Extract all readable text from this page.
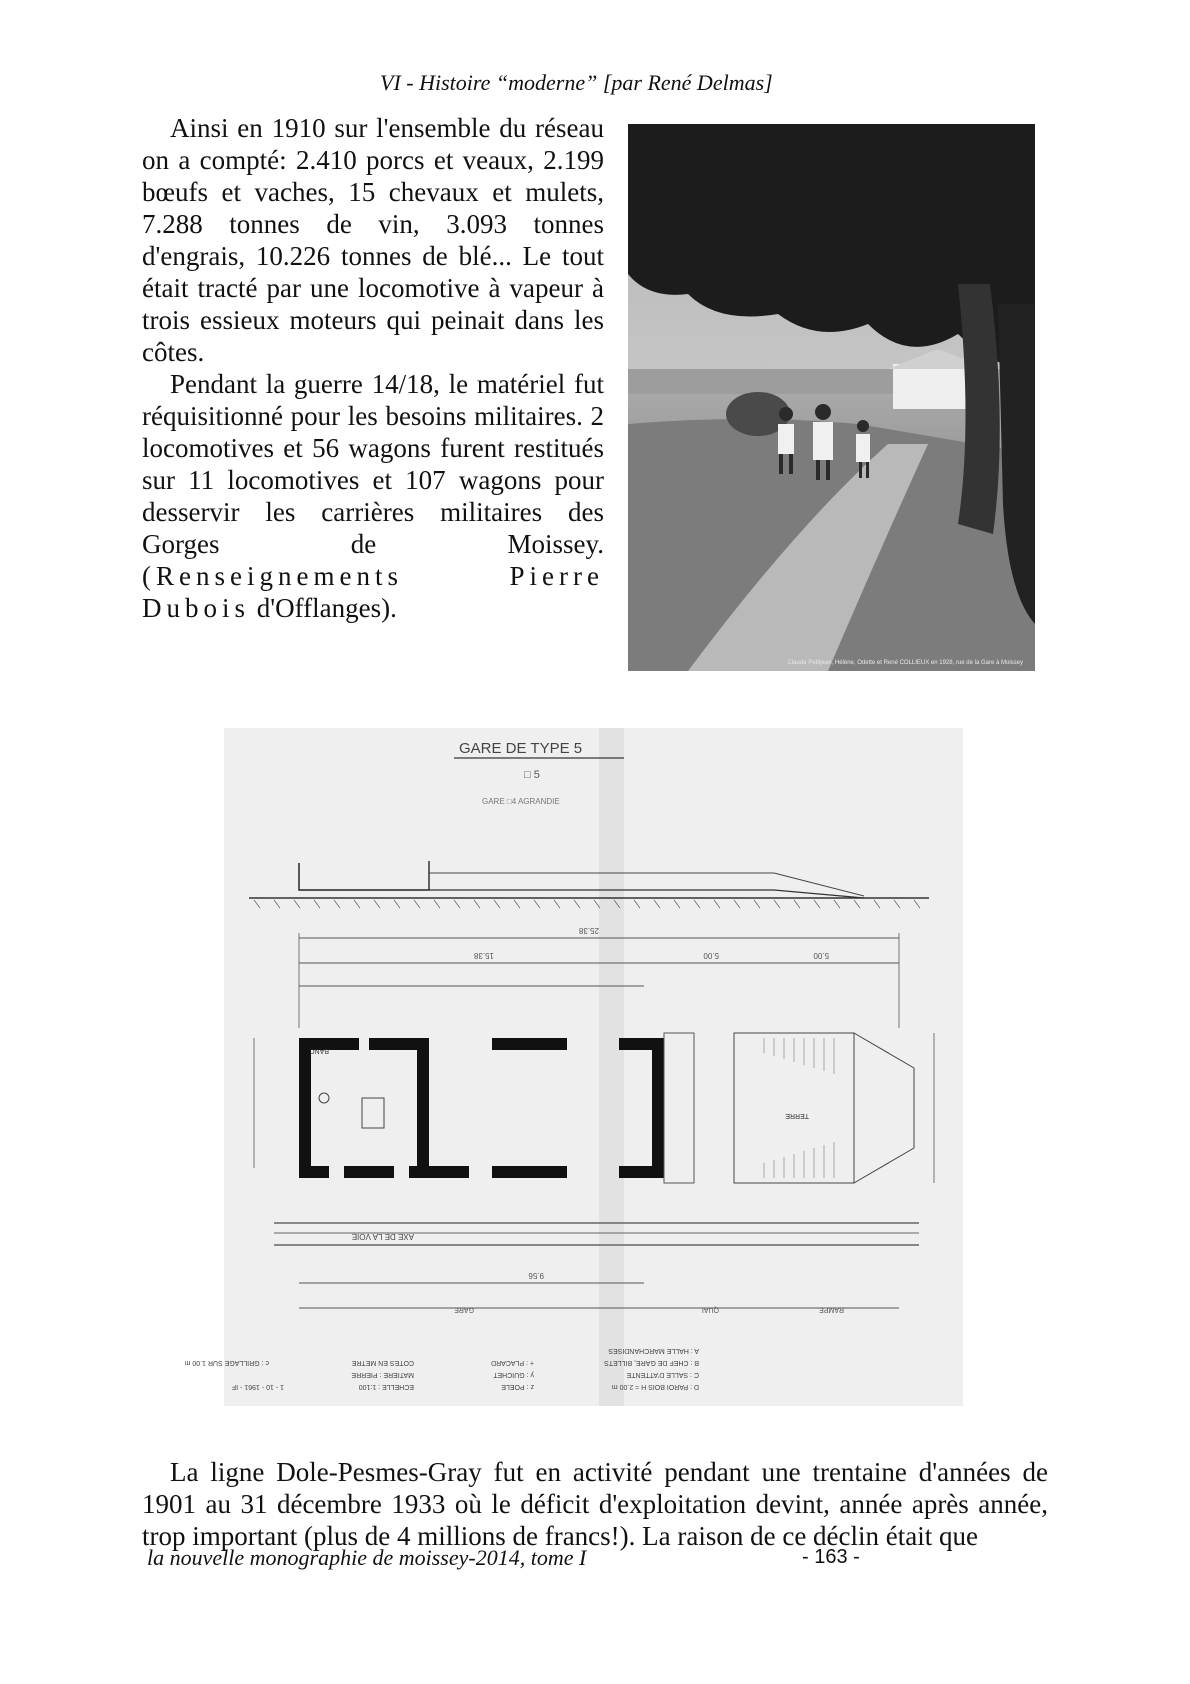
VI - Histoire “moderne” [par René Delmas]

Ainsi en 1910 sur l'ensemble du réseau on a compté: 2.410 porcs et veaux, 2.199 bœufs et vaches, 15 chevaux et mulets, 7.288 tonnes de vin, 3.093 tonnes d'engrais, 10.226 tonnes de blé... Le tout était tracté par une locomotive à vapeur à trois essieux moteurs qui peinait dans les côtes.

Pendant la guerre 14/18, le matériel fut réquisitionné pour les besoins militaires. 2 locomotives et 56 wagons furent restitués sur 11 locomotives et 107 wagons pour desservir les carrières militaires des Gorges de Moissey. (Renseignements Pierre Dubois d'Offlanges).

Claude Petitjean, Hélène, Odette et René COLLIEUX en 1928, rue de la Gare à Moissey
GARE DE TYPE 5
□ 5
GARE □4 AGRANDIE
25.38
15.38	5.00	5.00
BANC
TERRE
AXE DE LA VOIE
9.56
GARE	QUAI	RAMPE
A : HALLE MARCHANDISES
B : CHEF DE GARE, BILLETS
C : SALLE D'ATTENTE
D : PAROI BOIS H = 2.00 m
+ : PLACARD
y : GUICHET
z : POELE
COTES EN METRE
MATIERE : PIERRE
ECHELLE : 1:100
c : GRILLAGE SUR 1.00 m
1 - 10 - 1961 - IF

La ligne Dole-Pesmes-Gray fut en activité pendant une trentaine d'années de 1901 au 31 décembre 1933 où le déficit d'exploitation devint, année après année, trop important (plus de 4 millions de francs!). La raison de ce déclin était que

la nouvelle monographie de moissey-2014, tome I	- 163 -
